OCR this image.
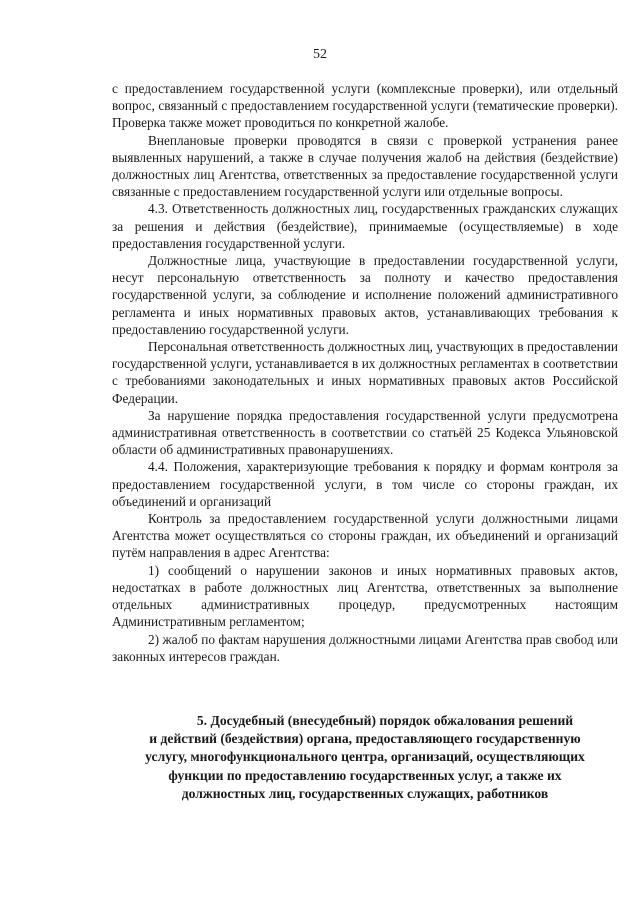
52

с предоставлением государственной услуги (комплексные проверки), или отдельный вопрос, связанный с предоставлением государственной услуги (тематические проверки). Проверка также может проводиться по конкретной жалобе.

Внеплановые проверки проводятся в связи с проверкой устранения ранее выявленных нарушений, а также в случае получения жалоб на действия (бездействие) должностных лиц Агентства, ответственных за предоставление государственной услуги связанные с предоставлением государственной услуги или отдельные вопросы.

4.3. Ответственность должностных лиц, государственных гражданских служащих за решения и действия (бездействие), принимаемые (осуществляемые) в ходе предоставления государственной услуги.

Должностные лица, участвующие в предоставлении государственной услуги, несут персональную ответственность за полноту и качество предоставления государственной услуги, за соблюдение и исполнение положений административного регламента и иных нормативных правовых актов, устанавливающих требования к предоставлению государственной услуги.

Персональная ответственность должностных лиц, участвующих в предоставлении государственной услуги, устанавливается в их должностных регламентах в соответствии с требованиями законодательных и иных нормативных правовых актов Российской Федерации.

За нарушение порядка предоставления государственной услуги предусмотрена административная ответственность в соответствии со статьёй 25 Кодекса Ульяновской области об административных правонарушениях.

4.4. Положения, характеризующие требования к порядку и формам контроля за предоставлением государственной услуги, в том числе со стороны граждан, их объединений и организаций

Контроль за предоставлением государственной услуги должностными лицами Агентства может осуществляться со стороны граждан, их объединений и организаций путём направления в адрес Агентства:

1) сообщений о нарушении законов и иных нормативных правовых актов, недостатках в работе должностных лиц Агентства, ответственных за выполнение отдельных административных процедур, предусмотренных настоящим Административным регламентом;

2) жалоб по фактам нарушения должностными лицами Агентства прав свобод или законных интересов граждан.

5. Досудебный (внесудебный) порядок обжалования решений
и действий (бездействия) органа, предоставляющего государственную
услугу, многофункционального центра, организаций, осуществляющих
функции по предоставлению государственных услуг, а также их
должностных лиц, государственных служащих, работников
